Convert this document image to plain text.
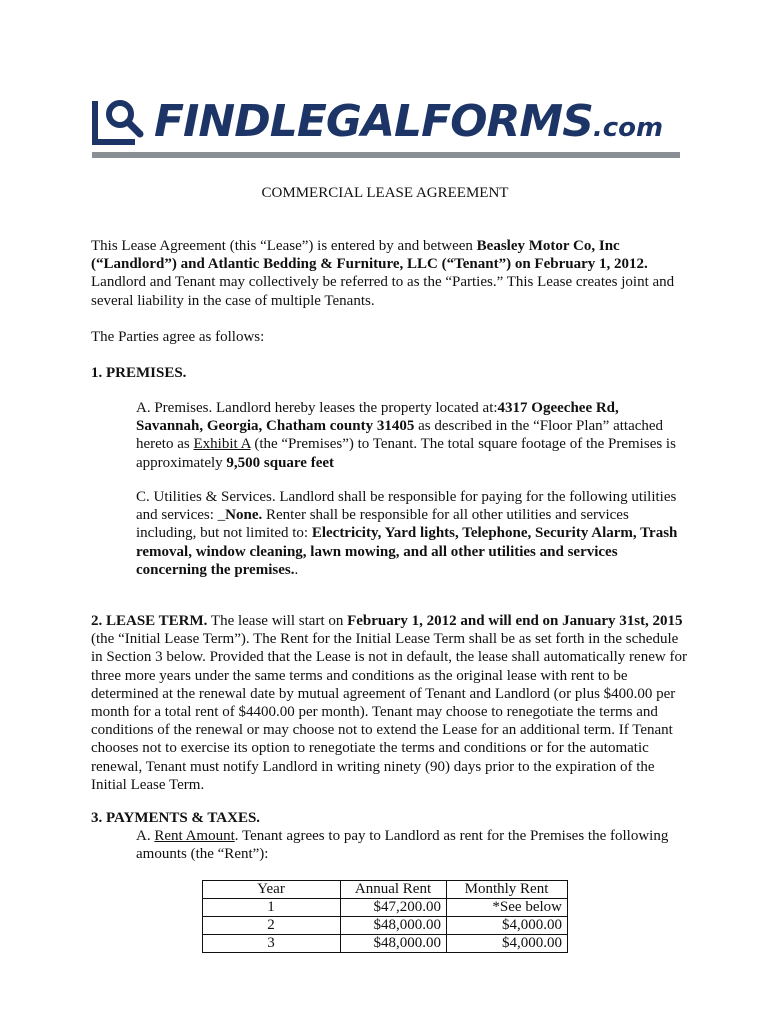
FINDLEGALFORMS.com
COMMERCIAL LEASE AGREEMENT

This Lease Agreement (this “Lease”) is entered by and between Beasley Motor Co, Inc (“Landlord”) and Atlantic Bedding & Furniture, LLC (“Tenant”) on February 1, 2012. Landlord and Tenant may collectively be referred to as the “Parties.” This Lease creates joint and several liability in the case of multiple Tenants.

The Parties agree as follows:

1. PREMISES.

A. Premises. Landlord hereby leases the property located at:4317 Ogeechee Rd, Savannah, Georgia, Chatham county 31405 as described in the “Floor Plan” attached hereto as Exhibit A (the “Premises”) to Tenant. The total square footage of the Premises is approximately 9,500 square feet

C. Utilities & Services. Landlord shall be responsible for paying for the following utilities and services: _None. Renter shall be responsible for all other utilities and services including, but not limited to: Electricity, Yard lights, Telephone, Security Alarm, Trash removal, window cleaning, lawn mowing, and all other utilities and services concerning the premises..

2. LEASE TERM. The lease will start on February 1, 2012 and will end on January 31st, 2015 (the “Initial Lease Term”). The Rent for the Initial Lease Term shall be as set forth in the schedule in Section 3 below. Provided that the Lease is not in default, the lease shall automatically renew for three more years under the same terms and conditions as the original lease with rent to be determined at the renewal date by mutual agreement of Tenant and Landlord (or plus $400.00 per month for a total rent of $4400.00 per month). Tenant may choose to renegotiate the terms and conditions of the renewal or may choose not to extend the Lease for an additional term. If Tenant chooses not to exercise its option to renegotiate the terms and conditions or for the automatic renewal, Tenant must notify Landlord in writing ninety (90) days prior to the expiration of the Initial Lease Term.

3. PAYMENTS & TAXES.

A. Rent Amount. Tenant agrees to pay to Landlord as rent for the Premises the following amounts (the “Rent”):

Year	Annual Rent	Monthly Rent
1	$47,200.00	*See below
2	$48,000.00	$4,000.00
3	$48,000.00	$4,000.00
